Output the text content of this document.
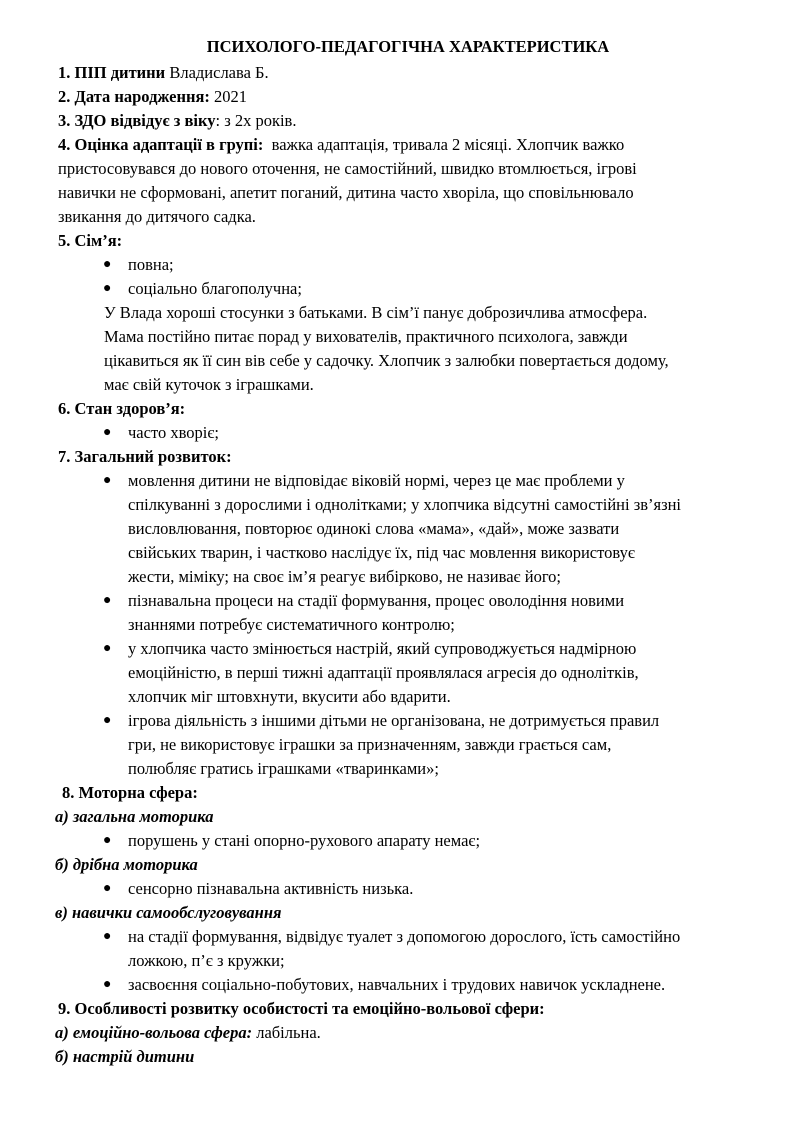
ПСИХОЛОГО-ПЕДАГОГІЧНА ХАРАКТЕРИСТИКА

1. ПІП дитини Владислава Б.

2. Дата народження: 2021

3. ЗДО відвідує з віку: з 2х років.

4. Оцінка адаптації в групі:  важка адаптація, тривала 2 місяці. Хлопчик важко

пристосовувався до нового оточення, не самостійний, швидко втомлюється, ігрові

навички не сформовані, апетит поганий, дитина часто хворіла, що сповільнювало

звикання до дитячого садка.

5. Сім’я:

● повна;
● соціально благополучна;

У Влада хороші стосунки з батьками. В сім’ї панує доброзичлива атмосфера.

Мама постійно питає порад у вихователів, практичного психолога, завжди

цікавиться як її син вів себе у садочку. Хлопчик з залюбки повертається додому,

має свій куточок з іграшками.

6. Стан здоров’я:

● часто хворіє;

7. Загальний розвиток:

● мовлення дитини не відповідає віковій нормі, через це має проблеми у
спілкуванні з дорослими і однолітками; у хлопчика відсутні самостійні зв’язні
висловлювання, повторює одинокі слова «мама», «дай», може зазвати
свійських тварин, і частково наслідує їх, під час мовлення використовує
жести, міміку; на своє ім’я реагує вибірково, не називає його;
● пізнавальна процеси на стадії формування, процес оволодіння новими
знаннями потребує систематичного контролю;
● у хлопчика часто змінюється настрій, який супроводжується надмірною
емоційністю, в перші тижні адаптації проявлялася агресія до однолітків,
хлопчик міг штовхнути, вкусити або вдарити.
● ігрова діяльність з іншими дітьми не організована, не дотримується правил
гри, не використовує іграшки за призначенням, завжди грається сам,
полюбляє гратись іграшками «тваринками»;

8. Моторна сфера:

а) загальна моторика

● порушень у стані опорно-рухового апарату немає;

б) дрібна моторика

● сенсорно пізнавальна активність низька.

в) навички самообслуговування

● на стадії формування, відвідує туалет з допомогою дорослого, їсть самостійно
ложкою, п’є з кружки;
● засвоєння соціально-побутових, навчальних і трудових навичок ускладнене.

9. Особливості розвитку особистості та емоційно-вольової сфери:

а) емоційно-вольова сфера: лабільна.

б) настрій дитини
